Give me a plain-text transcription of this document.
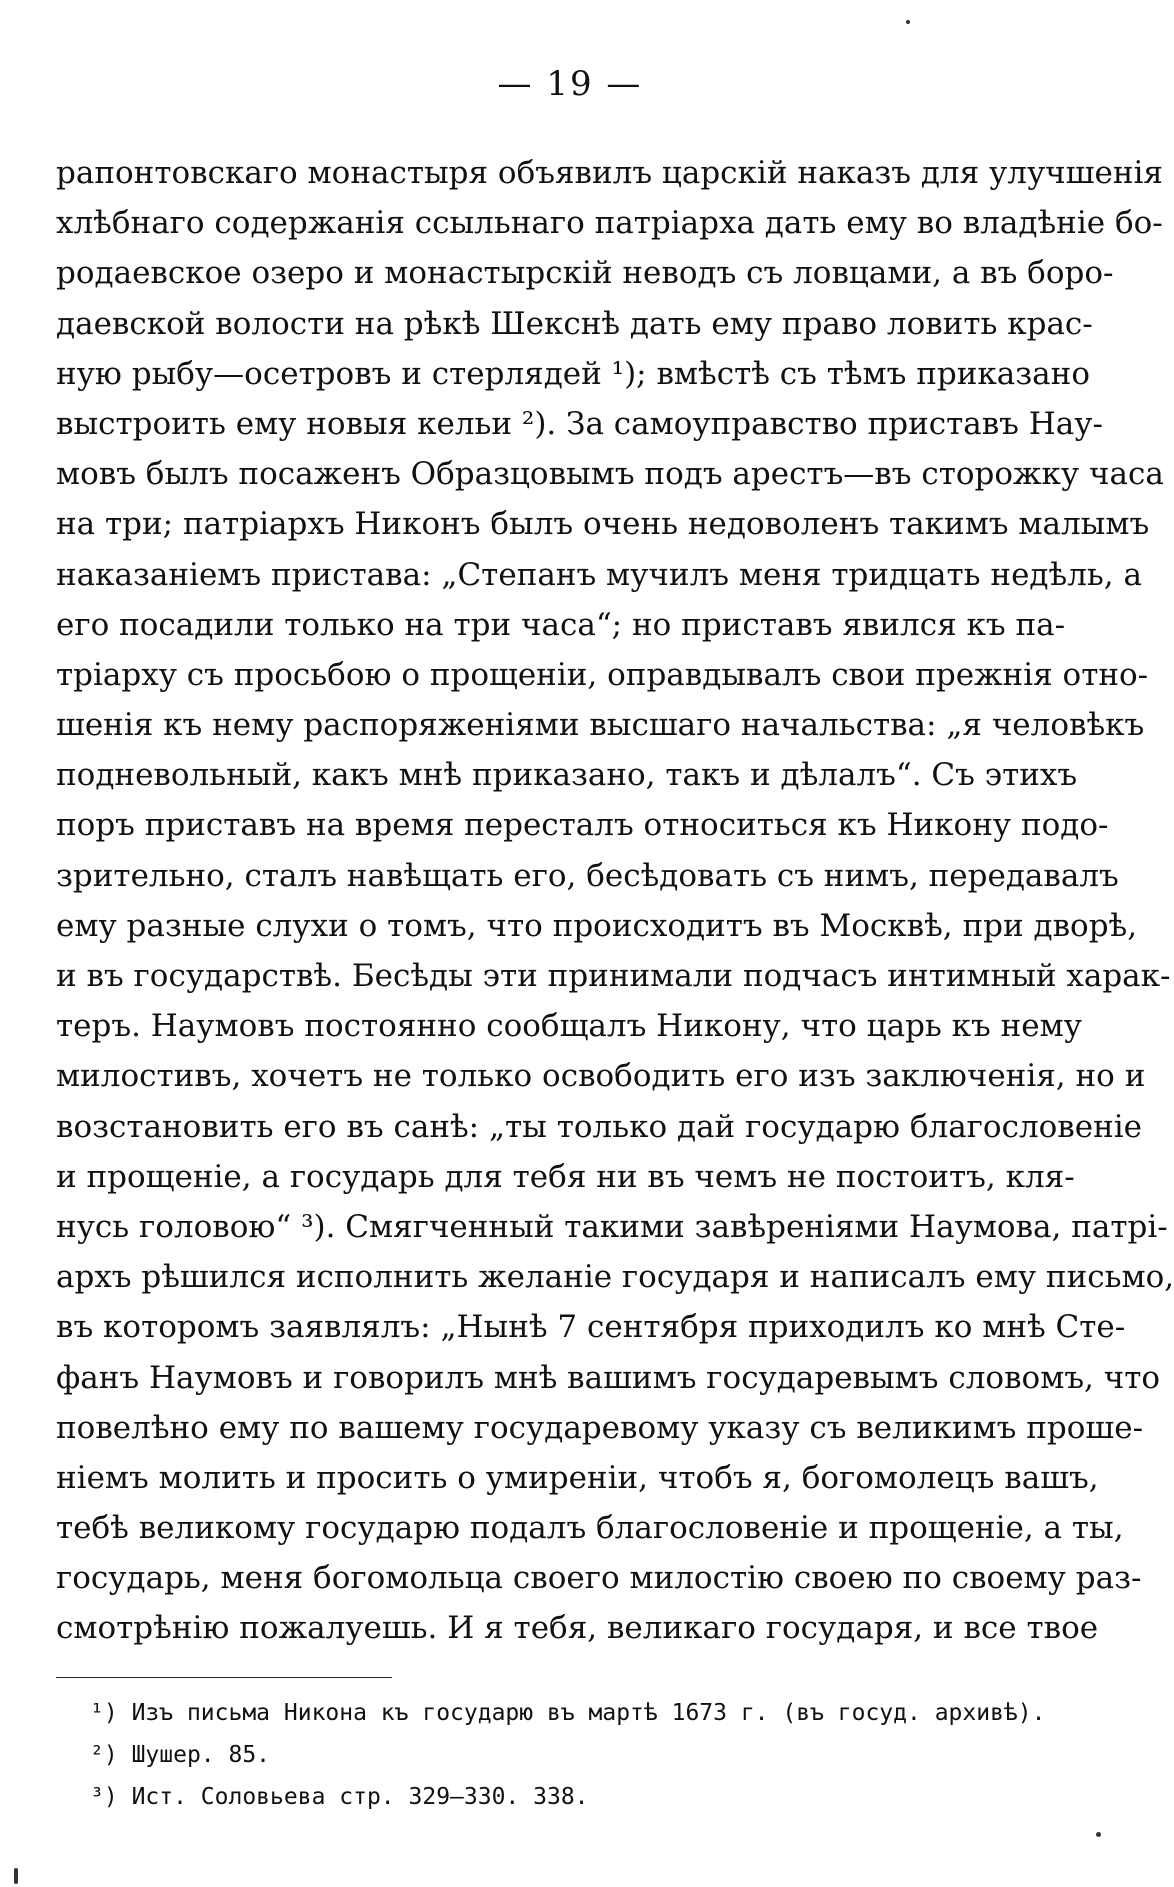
— 19 —
рапонтовскаго монастыря объявилъ царскій наказъ для улучшенія
хлѣбнаго содержанія ссыльнаго патріарха дать ему во владѣніе бо-
родаевское озеро и монастырскій неводъ съ ловцами, а въ боро-
даевской волости на рѣкѣ Шекснѣ дать ему право ловить крас-
ную рыбу—осетровъ и стерлядей ¹); вмѣстѣ съ тѣмъ приказано
выстроить ему новыя кельи ²). За самоуправство приставъ Нау-
мовъ былъ посаженъ Образцовымъ подъ арестъ—въ сторожку часа
на три; патріархъ Никонъ былъ очень недоволенъ такимъ малымъ
наказаніемъ пристава: „Степанъ мучилъ меня тридцать недѣль, а
его посадили только на три часа“; но приставъ явился къ па-
тріарху съ просьбою о прощеніи, оправдывалъ свои прежнія отно-
шенія къ нему распоряженіями высшаго начальства: „я человѣкъ
подневольный, какъ мнѣ приказано, такъ и дѣлалъ“. Съ этихъ
поръ приставъ на время пересталъ относиться къ Никону подо-
зрительно, сталъ навѣщать его, бесѣдовать съ нимъ, передавалъ
ему разные слухи о томъ, что происходитъ въ Москвѣ, при дворѣ,
и въ государствѣ. Бесѣды эти принимали подчасъ интимный харак-
теръ. Наумовъ постоянно сообщалъ Никону, что царь къ нему
милостивъ, хочетъ не только освободить его изъ заключенія, но и
возстановить его въ санѣ: „ты только дай государю благословеніе
и прощеніе, а государь для тебя ни въ чемъ не постоитъ, кля-
нусь головою“ ³). Смягченный такими завѣреніями Наумова, патрі-
архъ рѣшился исполнить желаніе государя и написалъ ему письмо,
въ которомъ заявлялъ: „Нынѣ 7 сентября приходилъ ко мнѣ Сте-
фанъ Наумовъ и говорилъ мнѣ вашимъ государевымъ словомъ, что
повелѣно ему по вашему государевому указу съ великимъ проше-
ніемъ молить и просить о умиреніи, чтобъ я, богомолецъ вашъ,
тебѣ великому государю подалъ благословеніе и прощеніе, а ты,
государь, меня богомольца своего милостію своею по своему раз-
смотрѣнію пожалуешь. И я тебя, великаго государя, и все твое
¹) Изъ письма Никона къ государю въ мартѣ 1673 г. (въ госуд. архивѣ).
²) Шушер. 85.
³) Ист. Соловьева стр. 329—330. 338.
